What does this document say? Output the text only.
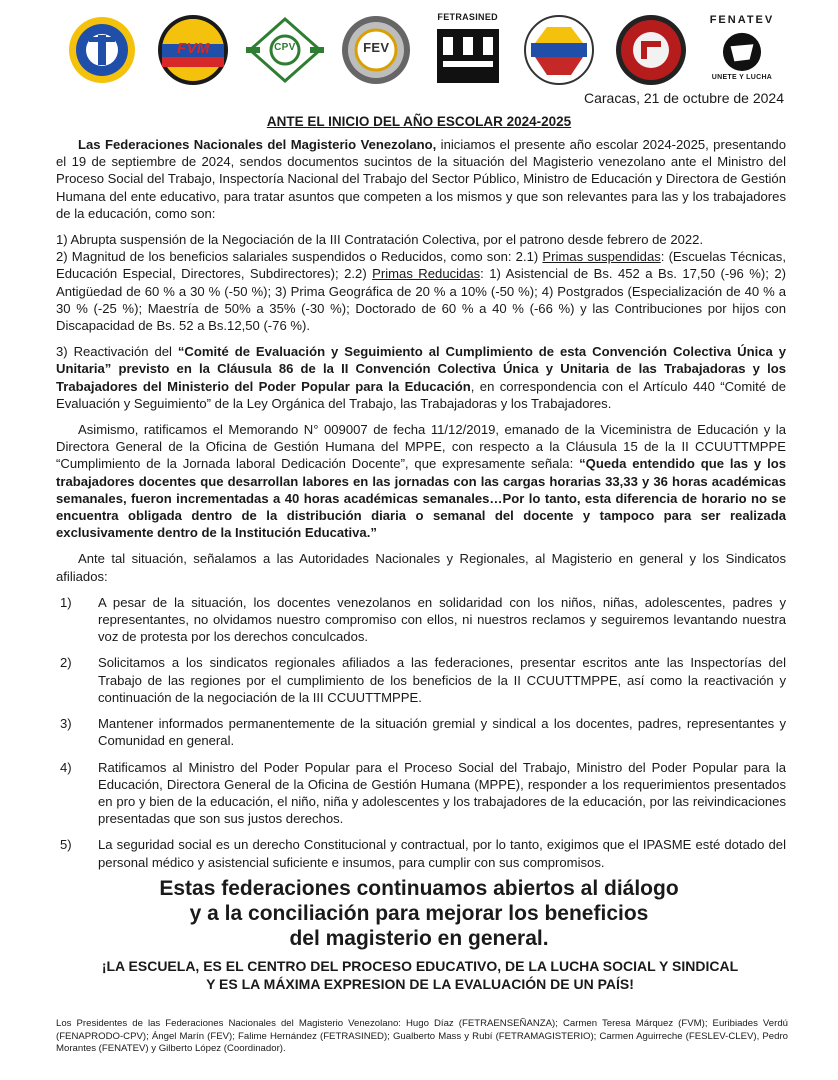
FVM	CPV	FEV
FETRASINED	FENATEV
UNETE Y LUCHA
Caracas, 21 de octubre de 2024
ANTE EL INICIO DEL AÑO ESCOLAR 2024-2025

Las Federaciones Nacionales del Magisterio Venezolano, iniciamos el presente año escolar 2024-2025, presentando el 19 de septiembre de 2024, sendos documentos sucintos de la situación del Magisterio venezolano ante el Ministro del Proceso Social del Trabajo, Inspectoría Nacional del Trabajo del Sector Público, Ministro de Educación y Directora de Gestión Humana del ente educativo, para tratar asuntos que competen a los mismos y que son relevantes para las y los trabajadores de la educación, como son:

1) Abrupta suspensión de la Negociación de la III Contratación Colectiva, por el patrono desde febrero de 2022.

2) Magnitud de los beneficios salariales suspendidos o Reducidos, como son: 2.1) Primas suspendidas: (Escuelas Técnicas, Educación Especial, Directores, Subdirectores); 2.2) Primas Reducidas: 1) Asistencial de Bs. 452 a Bs. 17,50 (-96 %); 2) Antigüedad de 60 % a 30 % (-50 %); 3) Prima Geográfica de 20 % a 10% (-50 %); 4) Postgrados (Especialización de 40 % a 30 % (-25 %); Maestría de 50% a 35% (-30 %); Doctorado de 60 % a 40 % (-66 %) y las Contribuciones por hijos con Discapacidad de Bs. 52 a Bs.12,50 (-76 %).

3) Reactivación del “Comité de Evaluación y Seguimiento al Cumplimiento de esta Convención Colectiva Única y Unitaria” previsto en la Cláusula 86 de la II Convención Colectiva Única y Unitaria de las Trabajadoras y los Trabajadores del Ministerio del Poder Popular para la Educación, en correspondencia con el Artículo 440 “Comité de Evaluación y Seguimiento” de la Ley Orgánica del Trabajo, las Trabajadoras y los Trabajadores.

Asimismo, ratificamos el Memorando N° 009007 de fecha 11/12/2019, emanado de la Viceministra de Educación y la Directora General de la Oficina de Gestión Humana del MPPE, con respecto a la Cláusula 15 de la II CCUUTTMPPE “Cumplimiento de la Jornada laboral Dedicación Docente”, que expresamente señala: “Queda entendido que las y los trabajadores docentes que desarrollan labores en las jornadas con las cargas horarias 33,33 y 36 horas académicas semanales, fueron incrementadas a 40 horas académicas semanales…Por lo tanto, esta diferencia de horario no se encuentra obligada dentro de la distribución diaria o semanal del docente y tampoco para ser realizada exclusivamente dentro de la Institución Educativa.”

Ante tal situación, señalamos a las Autoridades Nacionales y Regionales, al Magisterio en general y los Sindicatos afiliados:

1)	A pesar de la situación, los docentes venezolanos en solidaridad con los niños, niñas, adolescentes, padres y representantes, no olvidamos nuestro compromiso con ellos, ni nuestros reclamos y seguiremos levantando nuestra voz de protesta por los derechos conculcados.
2)	Solicitamos a los sindicatos regionales afiliados a las federaciones, presentar escritos ante las Inspectorías del Trabajo de las regiones por el cumplimiento de los beneficios de la II CCUUTTMPPE, así como la reactivación y continuación de la negociación de la III CCUUTTMPPE.
3)	Mantener informados permanentemente de la situación gremial y sindical a los docentes, padres, representantes y Comunidad en general.
4)	Ratificamos al Ministro del Poder Popular para el Proceso Social del Trabajo, Ministro del Poder Popular para la Educación, Directora General de la Oficina de Gestión Humana (MPPE), responder a los requerimientos presentados en pro y bien de la educación, el niño, niña y adolescentes y los trabajadores de la educación, por las reivindicaciones presentadas que son sus justos derechos.
5)	La seguridad social es un derecho Constitucional y contractual, por lo tanto, exigimos que el IPASME esté dotado del personal médico y asistencial suficiente e insumos, para cumplir con sus compromisos.
Estas federaciones continuamos abiertos al diálogo
y a la conciliación para mejorar los beneficios
del magisterio en general.
¡LA ESCUELA, ES EL CENTRO DEL PROCESO EDUCATIVO, DE LA LUCHA SOCIAL Y SINDICAL Y ES LA MÁXIMA EXPRESION DE LA EVALUACIÓN DE UN PAÍS!
Los Presidentes de las Federaciones Nacionales del Magisterio Venezolano: Hugo Díaz (FETRAENSEÑANZA); Carmen Teresa Márquez (FVM); Euribiades Verdú (FENAPRODO-CPV); Ángel Marín (FEV); Falime Hernández (FETRASINED); Gualberto Mass y Rubí (FETRAMAGISTERIO); Carmen Aguirreche (FESLEV-CLEV), Pedro Morantes (FENATEV) y Gilberto López (Coordinador).
